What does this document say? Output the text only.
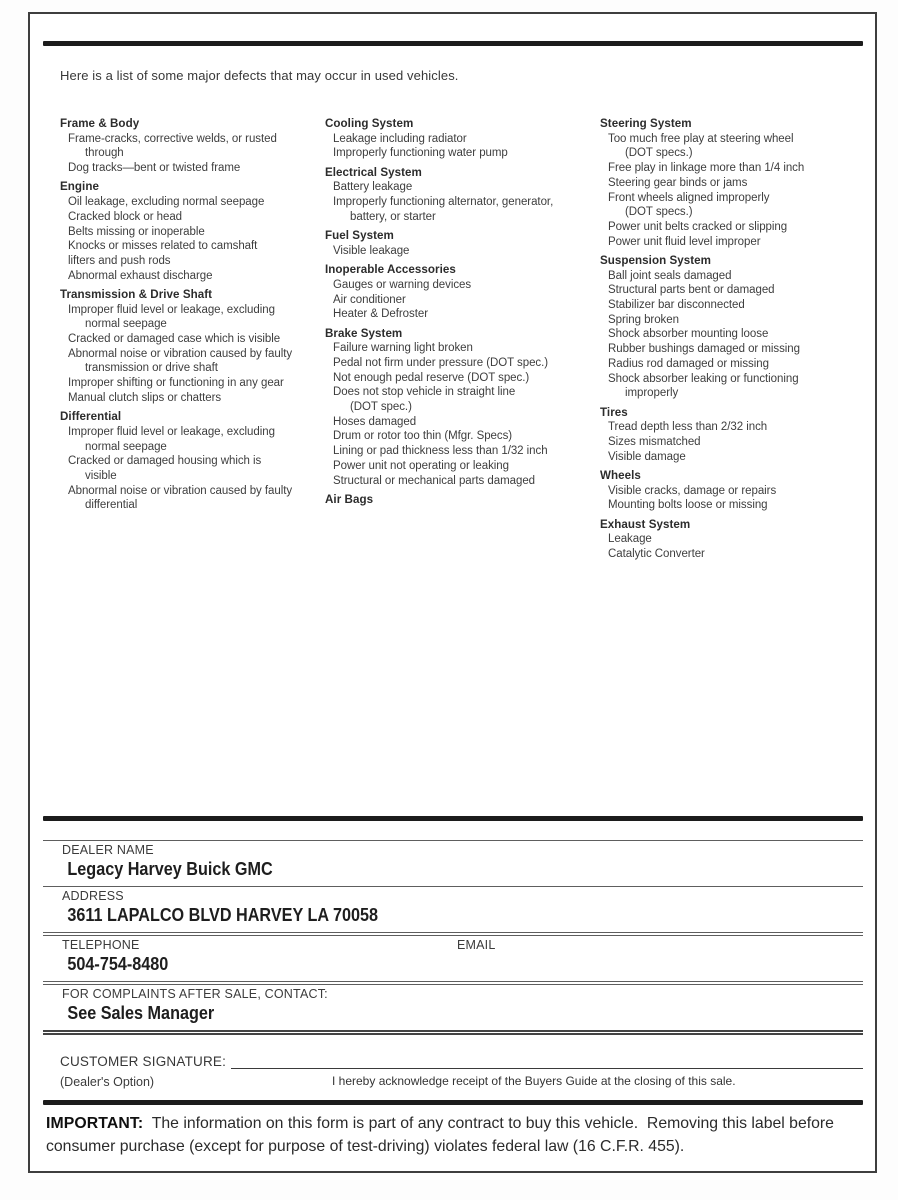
Here is a list of some major defects that may occur in used vehicles.

Frame & Body
Frame-cracks, corrective welds, or rusted
through
Dog tracks—bent or twisted frame
Engine
Oil leakage, excluding normal seepage
Cracked block or head
Belts missing or inoperable
Knocks or misses related to camshaft
lifters and push rods
Abnormal exhaust discharge
Transmission & Drive Shaft
Improper fluid level or leakage, excluding
normal seepage
Cracked or damaged case which is visible
Abnormal noise or vibration caused by faulty
transmission or drive shaft
Improper shifting or functioning in any gear
Manual clutch slips or chatters
Differential
Improper fluid level or leakage, excluding
normal seepage
Cracked or damaged housing which is
visible
Abnormal noise or vibration caused by faulty
differential
Cooling System
Leakage including radiator
Improperly functioning water pump
Electrical System
Battery leakage
Improperly functioning alternator, generator,
battery, or starter
Fuel System
Visible leakage
Inoperable Accessories
Gauges or warning devices
Air conditioner
Heater & Defroster
Brake System
Failure warning light broken
Pedal not firm under pressure (DOT spec.)
Not enough pedal reserve (DOT spec.)
Does not stop vehicle in straight line
(DOT spec.)
Hoses damaged
Drum or rotor too thin (Mfgr. Specs)
Lining or pad thickness less than 1/32 inch
Power unit not operating or leaking
Structural or mechanical parts damaged
Air Bags
Steering System
Too much free play at steering wheel
(DOT specs.)
Free play in linkage more than 1/4 inch
Steering gear binds or jams
Front wheels aligned improperly
(DOT specs.)
Power unit belts cracked or slipping
Power unit fluid level improper
Suspension System
Ball joint seals damaged
Structural parts bent or damaged
Stabilizer bar disconnected
Spring broken
Shock absorber mounting loose
Rubber bushings damaged or missing
Radius rod damaged or missing
Shock absorber leaking or functioning
improperly
Tires
Tread depth less than 2/32 inch
Sizes mismatched
Visible damage
Wheels
Visible cracks, damage or repairs
Mounting bolts loose or missing
Exhaust System
Leakage
Catalytic Converter
DEALER NAME
Legacy Harvey Buick GMC
ADDRESS
3611 LAPALCO BLVD HARVEY LA 70058
TELEPHONE	EMAIL
504-754-8480
FOR COMPLAINTS AFTER SALE, CONTACT:
See Sales Manager
CUSTOMER SIGNATURE:
(Dealer's Option)	I hereby acknowledge receipt of the Buyers Guide at the closing of this sale.

IMPORTANT:  The information on this form is part of any contract to buy this vehicle.  Removing this label before consumer purchase (except for purpose of test-driving) violates federal law (16 C.F.R. 455).
